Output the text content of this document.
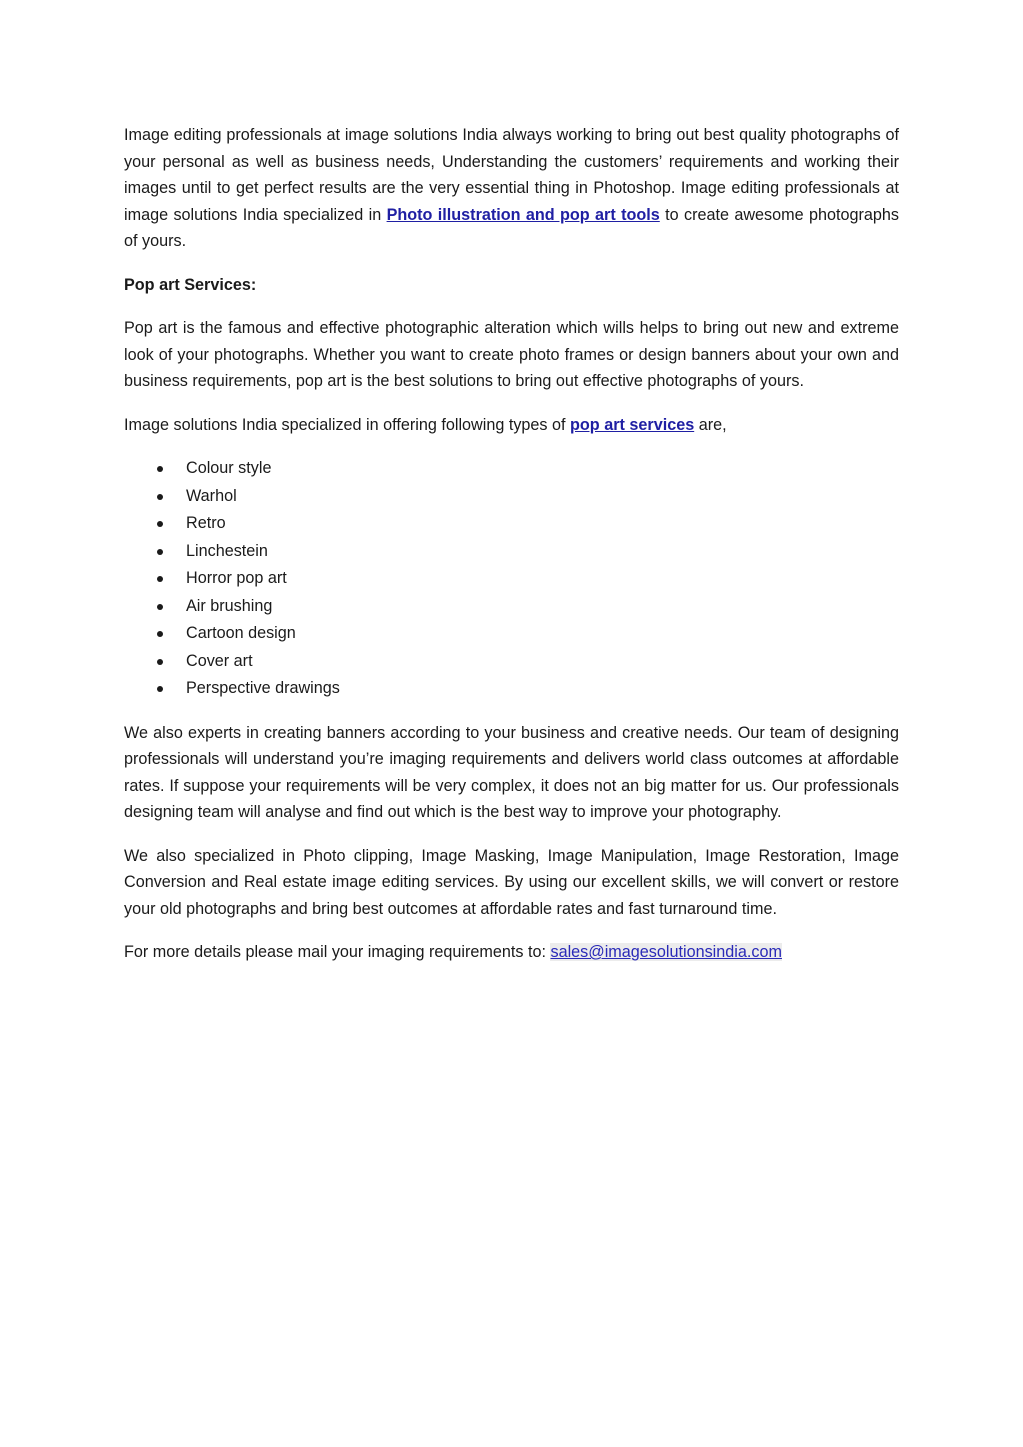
Image editing professionals at image solutions India always working to bring out best quality photographs of your personal as well as business needs, Understanding the customers’ requirements and working their images until to get perfect results are the very essential thing in Photoshop. Image editing professionals at image solutions India specialized in Photo illustration and pop art tools to create awesome photographs of yours.

Pop art Services:

Pop art is the famous and effective photographic alteration which wills helps to bring out new and extreme look of your photographs. Whether you want to create photo frames or design banners about your own and business requirements, pop art is the best solutions to bring out effective photographs of yours.

Image solutions India specialized in offering following types of pop art services are,

Colour style
Warhol
Retro
Linchestein
Horror pop art
Air brushing
Cartoon design
Cover art
Perspective drawings

We also experts in creating banners according to your business and creative needs. Our team of designing professionals will understand you’re imaging requirements and delivers world class outcomes at affordable rates. If suppose your requirements will be very complex, it does not an big matter for us. Our professionals designing team will analyse and find out which is the best way to improve your photography.

We also specialized in Photo clipping, Image Masking, Image Manipulation, Image Restoration, Image Conversion and Real estate image editing services. By using our excellent skills, we will convert or restore your old photographs and bring best outcomes at affordable rates and fast turnaround time.

For more details please mail your imaging requirements to: sales@imagesolutionsindia.com
